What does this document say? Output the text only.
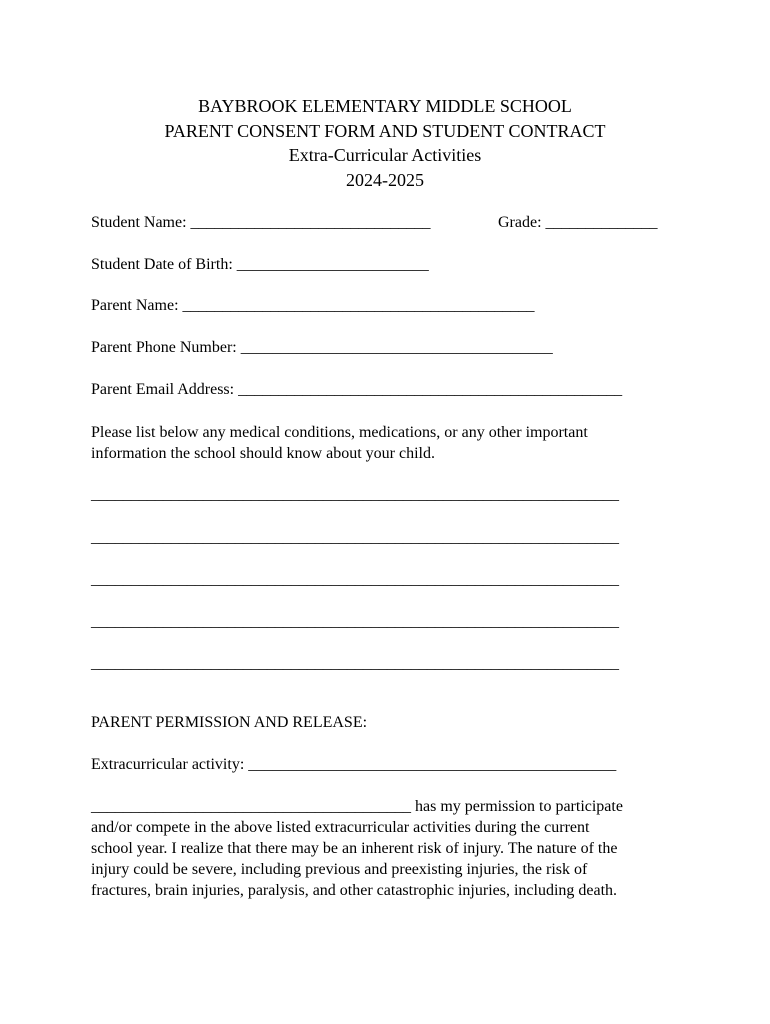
BAYBROOK ELEMENTARY MIDDLE SCHOOL
PARENT CONSENT FORM AND STUDENT CONTRACT
Extra-Curricular Activities
2024-2025
Student Name: ______________________________	Grade: ______________
Student Date of Birth: ________________________
Parent Name: ____________________________________________
Parent Phone Number: _______________________________________
Parent Email Address: ________________________________________________
Please list below any medical conditions, medications, or any other important
information the school should know about your child.
__________________________________________________________________
__________________________________________________________________
__________________________________________________________________
__________________________________________________________________
__________________________________________________________________
PARENT PERMISSION AND RELEASE:
Extracurricular activity: ______________________________________________
________________________________________ has my permission to participate
and/or compete in the above listed extracurricular activities during the current
school year. I realize that there may be an inherent risk of injury. The nature of the
injury could be severe, including previous and preexisting injuries, the risk of
fractures, brain injuries, paralysis, and other catastrophic injuries, including death.
